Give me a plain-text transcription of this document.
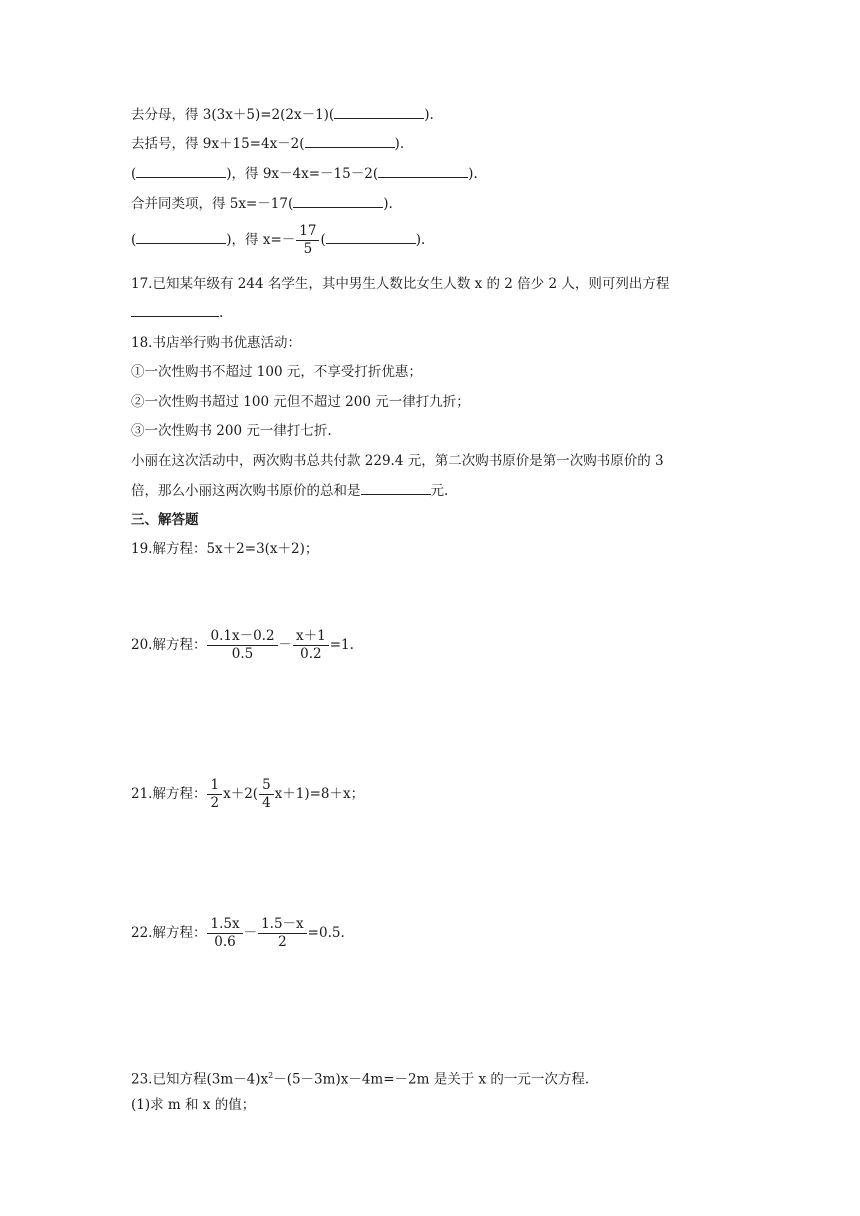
去分母，得 3(3x＋5)=2(2x－1)(	).
去括号，得 9x＋15=4x－2(	).
(	)，得 9x－4x=－15－2(	).
合并同类项，得 5x=－17(	).
(	)，得 $x=- \frac{17}{5}$ (	).
17.已知某年级有 244 名学生，其中男生人数比女生人数 x 的 2 倍少 2 人，则可列出方程
.
18.书店举行购书优惠活动：
①一次性购书不超过 100 元，不享受打折优惠；
②一次性购书超过 100 元但不超过 200 元一律打九折；
③一次性购书 200 元一律打七折.
小丽在这次活动中，两次购书总共付款 229.4 元，第二次购书原价是第一次购书原价的 3
倍，那么小丽这两次购书原价的总和是	元.
三、解答题
19.解方程：5x＋2=3(x＋2)；
20.解方程： $\frac{0.1x-0.2}{0.5} - \frac{x+1}{0.2} =1$.
21.解方程： $\frac{1}{2} x+2( \frac{5}{4} x+1)=8+x$；
22.解方程： $\frac{1.5x}{0.6} - \frac{1.5-x}{2} =0.5$.
23.已知方程$(3m-4)x^2-(5-3m)x-4m=-2m$ 是关于 x 的一元一次方程.
(1)求 m 和 x 的值；
